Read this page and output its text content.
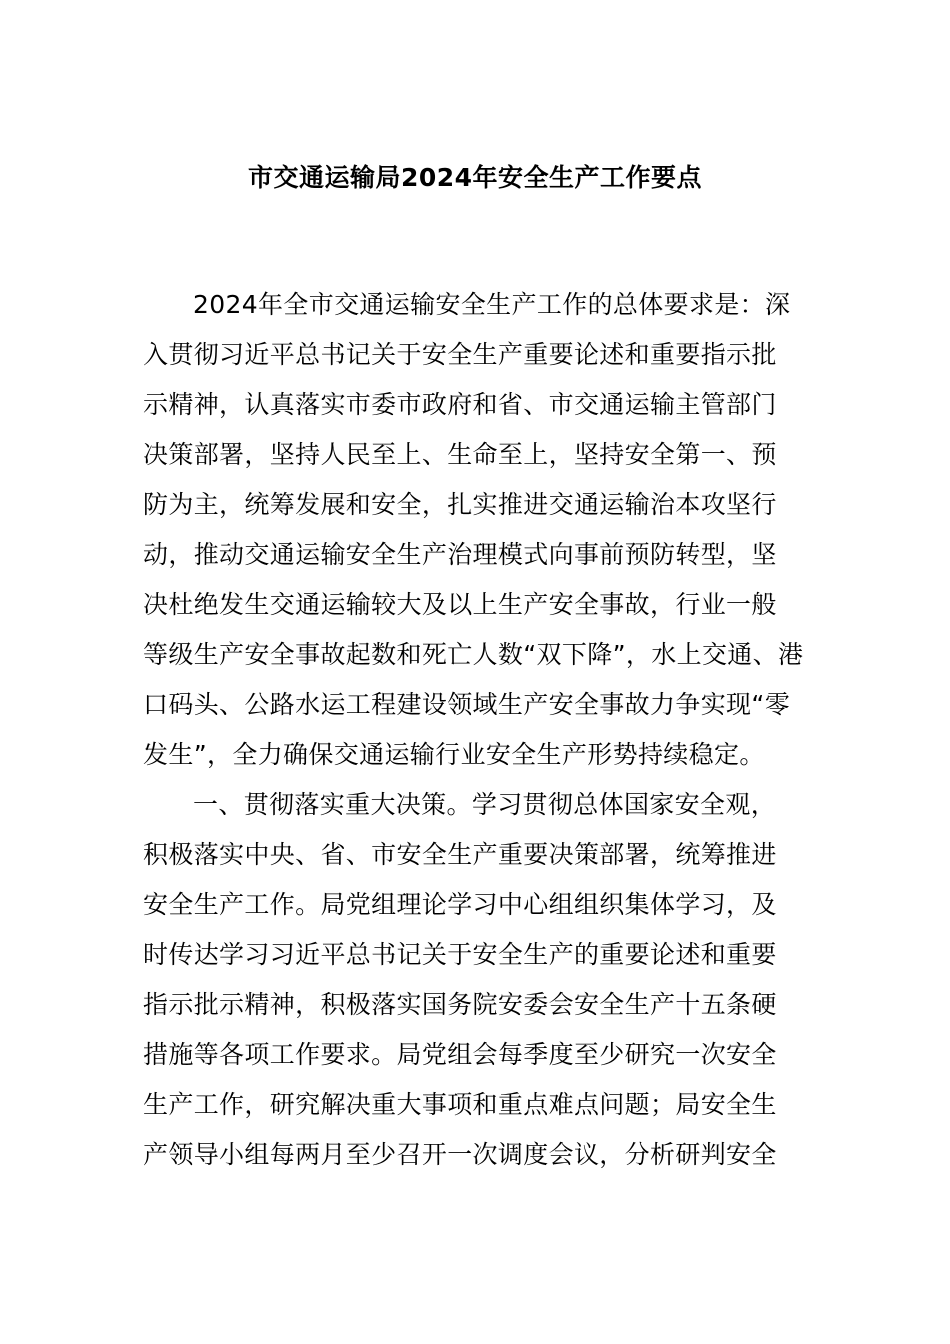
市交通运输局2024年安全生产工作要点
2024年全市交通运输安全生产工作的总体要求是：深
入贯彻习近平总书记关于安全生产重要论述和重要指示批
示精神，认真落实市委市政府和省、市交通运输主管部门
决策部署，坚持人民至上、生命至上，坚持安全第一、预
防为主，统筹发展和安全，扎实推进交通运输治本攻坚行
动，推动交通运输安全生产治理模式向事前预防转型，坚
决杜绝发生交通运输较大及以上生产安全事故，行业一般
等级生产安全事故起数和死亡人数“双下降”，水上交通、港
口码头、公路水运工程建设领域生产安全事故力争实现“零
发生”，全力确保交通运输行业安全生产形势持续稳定。
一、贯彻落实重大决策。学习贯彻总体国家安全观，
积极落实中央、省、市安全生产重要决策部署，统筹推进
安全生产工作。局党组理论学习中心组组织集体学习，及
时传达学习习近平总书记关于安全生产的重要论述和重要
指示批示精神，积极落实国务院安委会安全生产十五条硬
措施等各项工作要求。局党组会每季度至少研究一次安全
生产工作，研究解决重大事项和重点难点问题；局安全生
产领导小组每两月至少召开一次调度会议，分析研判安全
